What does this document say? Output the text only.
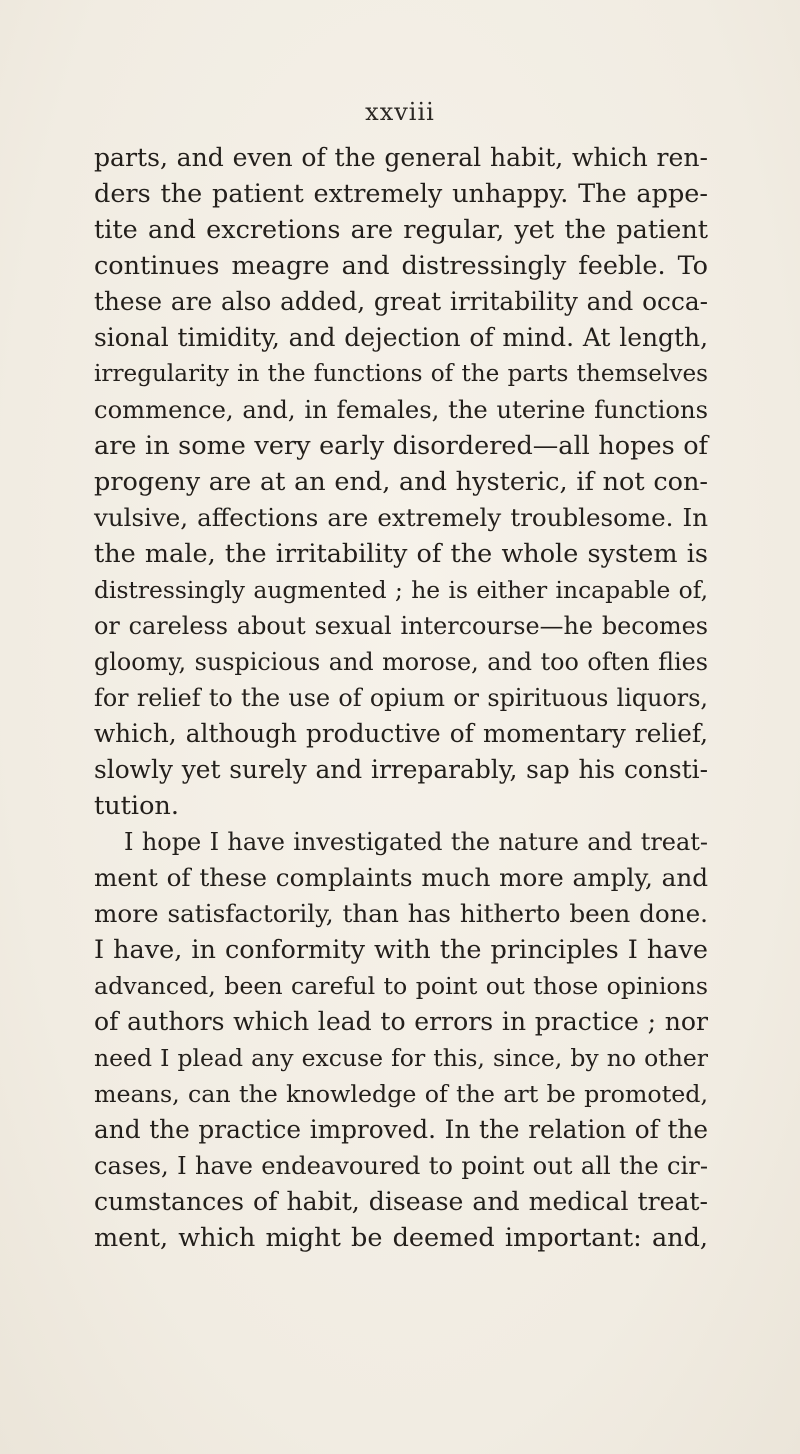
xxviii
parts, and even of the general habit, which ren-
ders the patient extremely unhappy. The appe-
tite and excretions are regular, yet the patient
continues meagre and distressingly feeble. To
these are also added, great irritability and occa-
sional timidity, and dejection of mind. At length,
irregularity in the functions of the parts themselves
commence, and, in females, the uterine functions
are in some very early disordered—all hopes of
progeny are at an end, and hysteric, if not con-
vulsive, affections are extremely troublesome. In
the male, the irritability of the whole system is
distressingly augmented ; he is either incapable of,
or careless about sexual intercourse—he becomes
gloomy, suspicious and morose, and too often flies
for relief to the use of opium or spirituous liquors,
which, although productive of momentary relief,
slowly yet surely and irreparably, sap his consti-
tution.
I hope I have investigated the nature and treat-
ment of these complaints much more amply, and
more satisfactorily, than has hitherto been done.
I have, in conformity with the principles I have
advanced, been careful to point out those opinions
of authors which lead to errors in practice ; nor
need I plead any excuse for this, since, by no other
means, can the knowledge of the art be promoted,
and the practice improved. In the relation of the
cases, I have endeavoured to point out all the cir-
cumstances of habit, disease and medical treat-
ment, which might be deemed important: and,
